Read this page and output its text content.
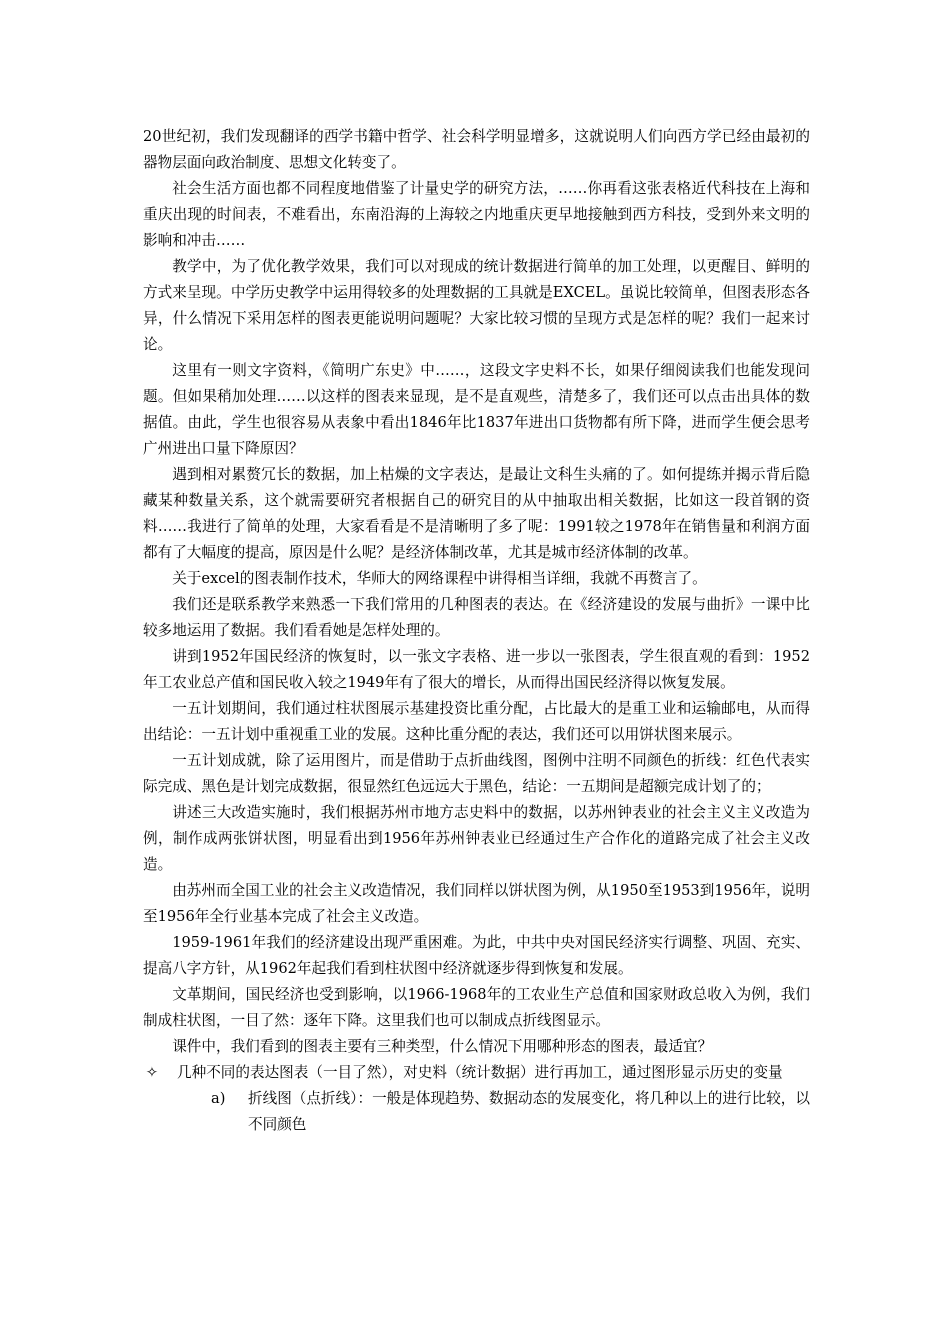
20世纪初，我们发现翻译的西学书籍中哲学、社会科学明显增多，这就说明人们向西方学已经由最初的器物层面向政治制度、思想文化转变了。

社会生活方面也都不同程度地借鉴了计量史学的研究方法，……你再看这张表格近代科技在上海和重庆出现的时间表，不难看出，东南沿海的上海较之内地重庆更早地接触到西方科技，受到外来文明的影响和冲击……

教学中，为了优化教学效果，我们可以对现成的统计数据进行简单的加工处理，以更醒目、鲜明的方式来呈现。中学历史教学中运用得较多的处理数据的工具就是EXCEL。虽说比较简单，但图表形态各异，什么情况下采用怎样的图表更能说明问题呢？大家比较习惯的呈现方式是怎样的呢？我们一起来讨论。

这里有一则文字资料，《简明广东史》中……，这段文字史料不长，如果仔细阅读我们也能发现问题。但如果稍加处理……以这样的图表来显现，是不是直观些，清楚多了，我们还可以点击出具体的数据值。由此，学生也很容易从表象中看出1846年比1837年进出口货物都有所下降，进而学生便会思考广州进出口量下降原因？

遇到相对累赘冗长的数据，加上枯燥的文字表达，是最让文科生头痛的了。如何提练并揭示背后隐藏某种数量关系，这个就需要研究者根据自己的研究目的从中抽取出相关数据，比如这一段首钢的资料……我进行了简单的处理，大家看看是不是清晰明了多了呢：1991较之1978年在销售量和利润方面都有了大幅度的提高，原因是什么呢？是经济体制改革，尤其是城市经济体制的改革。

关于excel的图表制作技术，华师大的网络课程中讲得相当详细，我就不再赘言了。

我们还是联系教学来熟悉一下我们常用的几种图表的表达。在《经济建设的发展与曲折》一课中比较多地运用了数据。我们看看她是怎样处理的。

讲到1952年国民经济的恢复时，以一张文字表格、进一步以一张图表，学生很直观的看到：1952年工农业总产值和国民收入较之1949年有了很大的增长，从而得出国民经济得以恢复发展。

一五计划期间，我们通过柱状图展示基建投资比重分配，占比最大的是重工业和运输邮电，从而得出结论：一五计划中重视重工业的发展。这种比重分配的表达，我们还可以用饼状图来展示。

一五计划成就，除了运用图片，而是借助于点折曲线图，图例中注明不同颜色的折线：红色代表实际完成、黑色是计划完成数据，很显然红色远远大于黑色，结论：一五期间是超额完成计划了的；

讲述三大改造实施时，我们根据苏州市地方志史料中的数据，以苏州钟表业的社会主义主义改造为例，制作成两张饼状图，明显看出到1956年苏州钟表业已经通过生产合作化的道路完成了社会主义改造。

由苏州而全国工业的社会主义改造情况，我们同样以饼状图为例，从1950至1953到1956年，说明至1956年全行业基本完成了社会主义改造。

1959-1961年我们的经济建设出现严重困难。为此，中共中央对国民经济实行调整、巩固、充实、提高八字方针，从1962年起我们看到柱状图中经济就逐步得到恢复和发展。

文革期间，国民经济也受到影响，以1966-1968年的工农业生产总值和国家财政总收入为例，我们制成柱状图，一目了然：逐年下降。这里我们也可以制成点折线图显示。

课件中，我们看到的图表主要有三种类型，什么情况下用哪种形态的图表，最适宜？

✧	几种不同的表达图表（一目了然），对史料（统计数据）进行再加工，通过图形显示历史的变量
a) 折线图（点折线）：一般是体现趋势、数据动态的发展变化，将几种以上的进行比较，以不同颜色
